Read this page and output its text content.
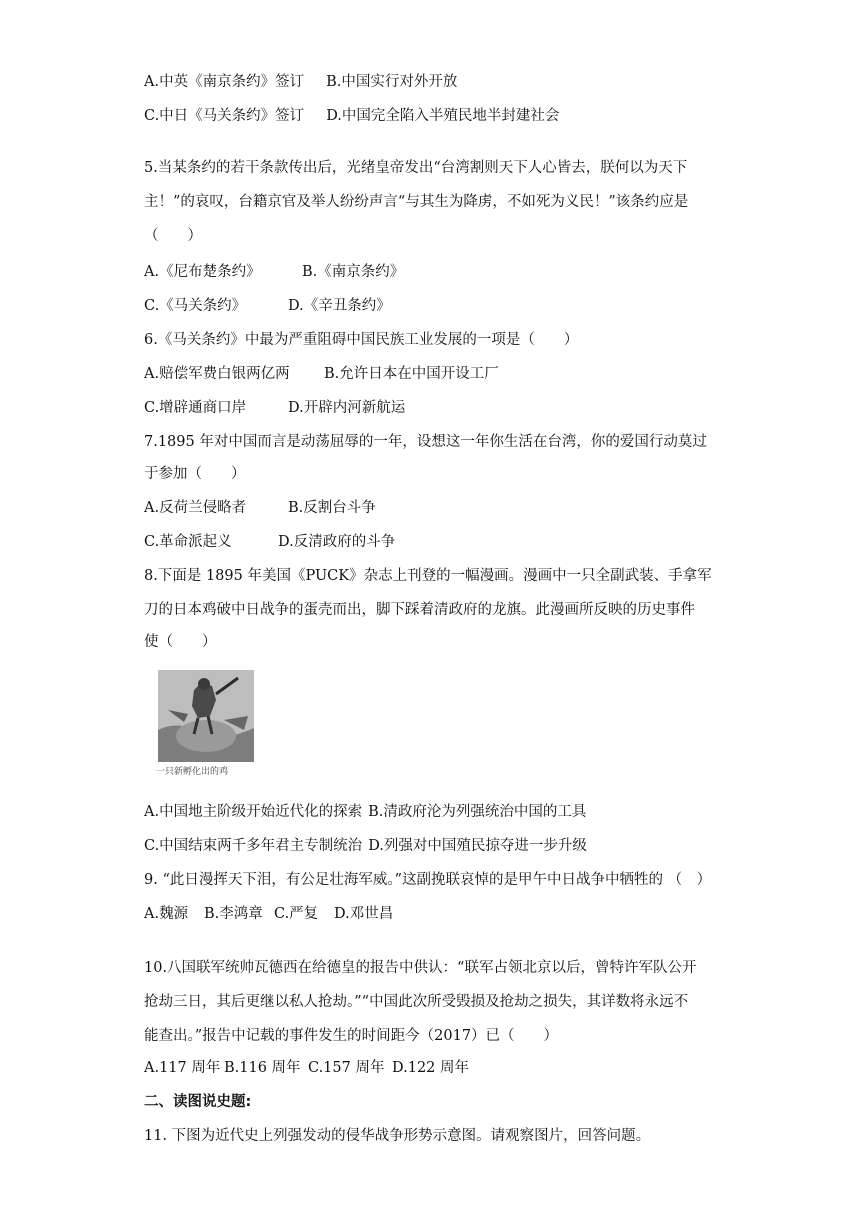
A.中英《南京条约》签订 B.中国实行对外开放
C.中日《马关条约》签订 D.中国完全陷入半殖民地半封建社会
5.当某条约的若干条款传出后，光绪皇帝发出“台湾割则天下人心皆去，朕何以为天下
主！”的哀叹，台籍京官及举人纷纷声言“与其生为降虏，不如死为义民！”该条约应是
（　　）
A.《尼布楚条约》	B.《南京条约》
C.《马关条约》	D.《辛丑条约》
6.《马关条约》中最为严重阻碍中国民族工业发展的一项是（　　）
A.赔偿军费白银两亿两 B.允许日本在中国开设工厂
C.增辟通商口岸	D.开辟内河新航运
7.1895 年对中国而言是动荡屈辱的一年，设想这一年你生活在台湾，你的爱国行动莫过
于参加（　　）
A.反荷兰侵略者	B.反割台斗争
C.革命派起义	D.反清政府的斗争
8.下面是 1895 年美国《PUCK》杂志上刊登的一幅漫画。漫画中一只全副武装、手拿军
刀的日本鸡破中日战争的蛋壳而出，脚下踩着清政府的龙旗。此漫画所反映的历史事件
使（　　）
一只新孵化出的鸡
A.中国地主阶级开始近代化的探索 B.清政府沦为列强统治中国的工具
C.中国结束两千多年君主专制统治 D.列强对中国殖民掠夺进一步升级
9. “此日漫挥天下泪，有公足壮海军威。”这副挽联哀悼的是甲午中日战争中牺牲的 （　）
A.魏源 B.李鸿章 C.严复 D.邓世昌
10.八国联军统帅瓦德西在给德皇的报告中供认：“联军占领北京以后，曾特许军队公开
抢劫三日，其后更继以私人抢劫。”“中国此次所受毁损及抢劫之损失，其详数将永远不
能查出。”报告中记载的事件发生的时间距今（2017）已（　　）
A.117 周年 B.116 周年 C.157 周年 D.122 周年
二、读图说史题:
11. 下图为近代史上列强发动的侵华战争形势示意图。请观察图片，回答问题。
